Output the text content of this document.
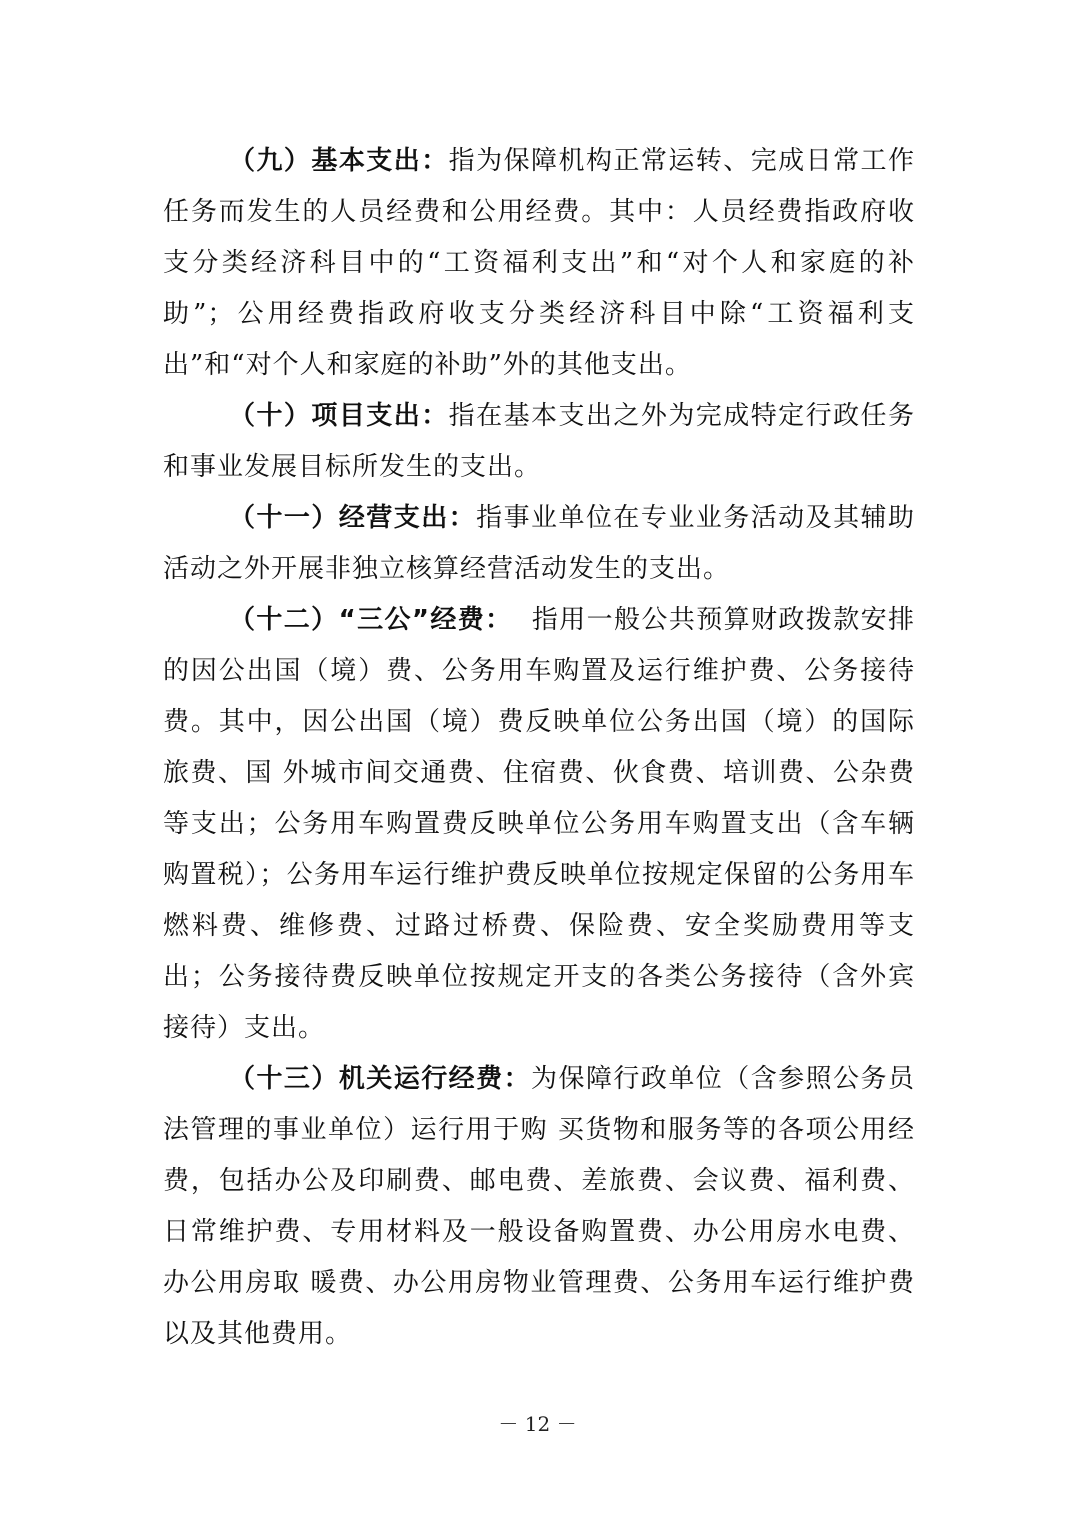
（九）基本支出：指为保障机构正常运转、完成日常工作任务而发生的人员经费和公用经费。其中：人员经费指政府收支分类经济科目中的“工资福利支出”和“对个人和家庭的补助”；公用经费指政府收支分类经济科目中除“工资福利支出”和“对个人和家庭的补助”外的其他支出。

（十）项目支出：指在基本支出之外为完成特定行政任务和事业发展目标所发生的支出。

（十一）经营支出：指事业单位在专业业务活动及其辅助活动之外开展非独立核算经营活动发生的支出。

（十二）“三公”经费：  指用一般公共预算财政拨款安排的因公出国（境）费、公务用车购置及运行维护费、公务接待费。其中，因公出国（境）费反映单位公务出国（境）的国际旅费、国 外城市间交通费、住宿费、伙食费、培训费、公杂费等支出；公务用车购置费反映单位公务用车购置支出（含车辆购置税）；公务用车运行维护费反映单位按规定保留的公务用车燃料费、维修费、过路过桥费、保险费、安全奖励费用等支出；公务接待费反映单位按规定开支的各类公务接待（含外宾接待）支出。

（十三）机关运行经费：为保障行政单位（含参照公务员法管理的事业单位）运行用于购 买货物和服务等的各项公用经费，包括办公及印刷费、邮电费、差旅费、会议费、福利费、日常维护费、专用材料及一般设备购置费、办公用房水电费、办公用房取 暖费、办公用房物业管理费、公务用车运行维护费以及其他费用。

－ 12 －
